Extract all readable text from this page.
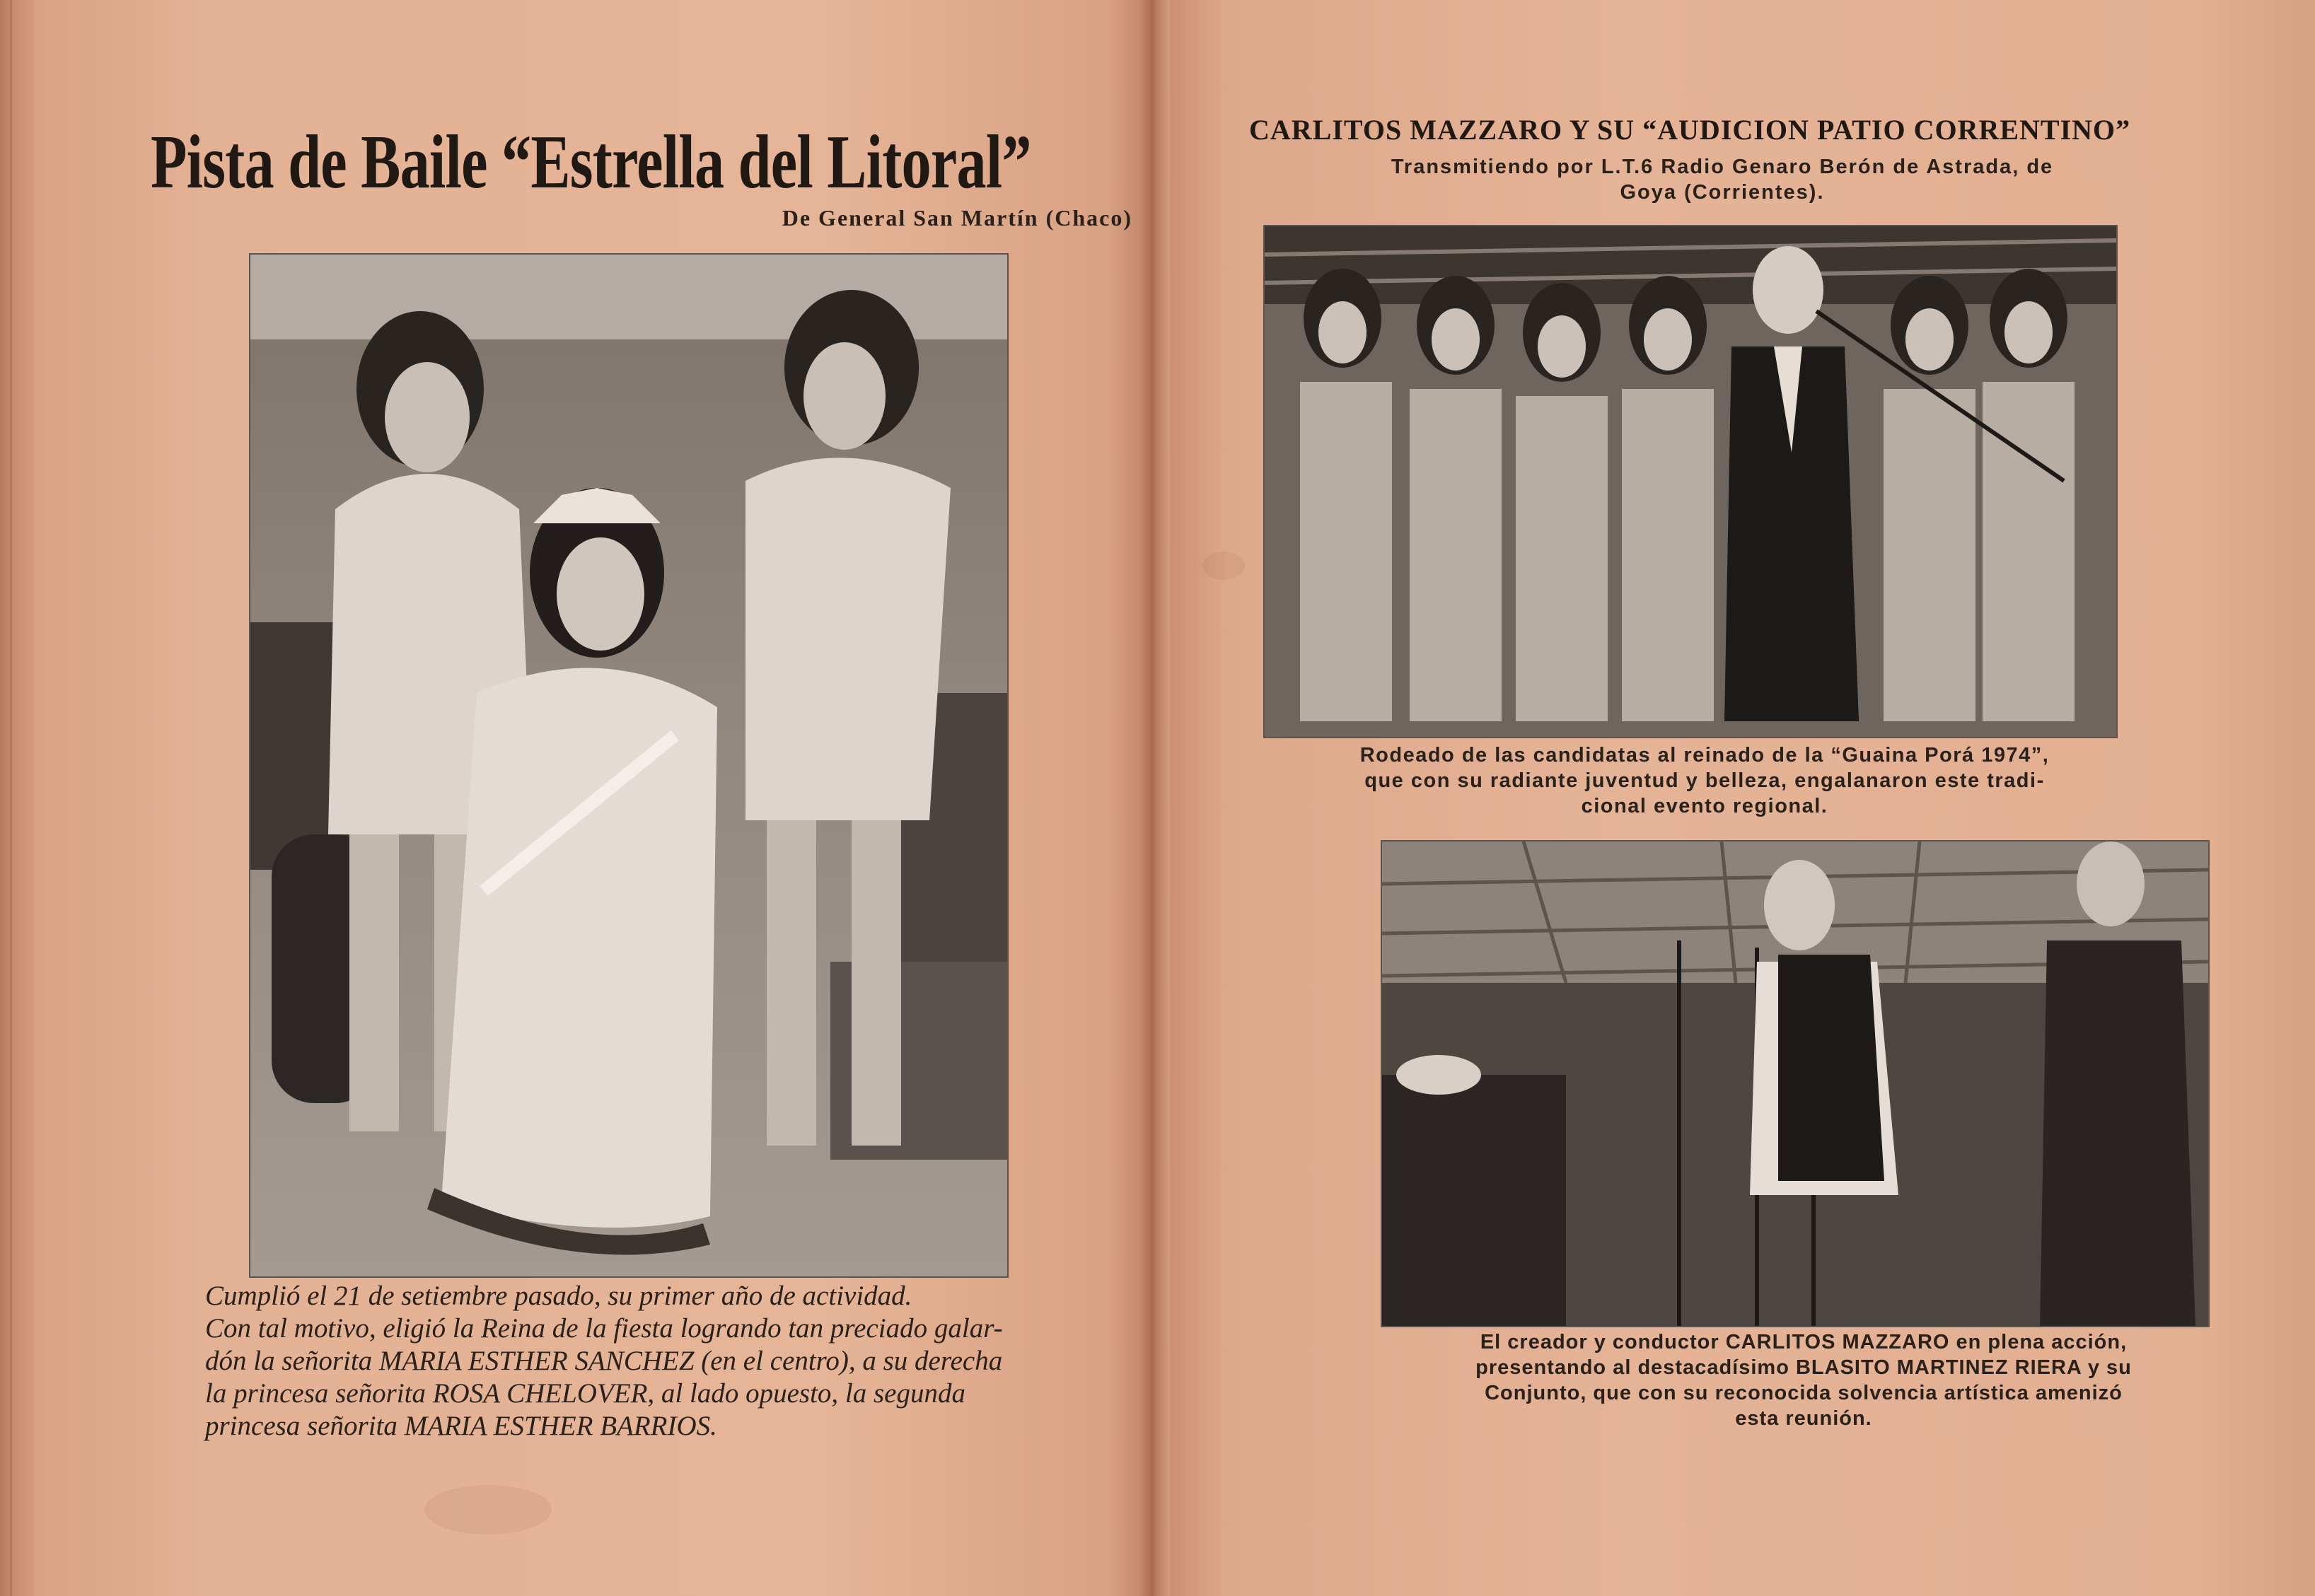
Pista de Baile “Estrella del Litoral”
De General San Martín (Chaco)
Cumplió el 21 de setiembre pasado, su primer año de actividad.
Con tal motivo, eligió la Reina de la fiesta logrando tan preciado galar-
dón la señorita MARIA ESTHER SANCHEZ (en el centro), a su derecha
la princesa señorita ROSA CHELOVER, al lado opuesto, la segunda
princesa señorita MARIA ESTHER BARRIOS.
CARLITOS MAZZARO Y SU “AUDICION PATIO CORRENTINO”
Transmitiendo por L.T.6 Radio Genaro Berón de Astrada, de
Goya (Corrientes).
Rodeado de las candidatas al reinado de la “Guaina Porá 1974”,
que con su radiante juventud y belleza, engalanaron este tradi-
cional evento regional.
El creador y conductor CARLITOS MAZZARO en plena acción,
presentando al destacadísimo BLASITO MARTINEZ RIERA y su
Conjunto, que con su reconocida solvencia artística amenizó
esta reunión.
